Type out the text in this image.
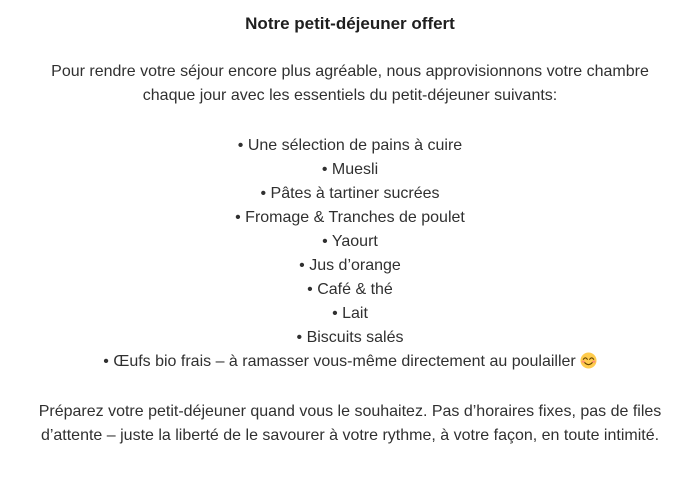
Notre petit-déjeuner offert

Pour rendre votre séjour encore plus agréable, nous approvisionnons votre chambre chaque jour avec les essentiels du petit-déjeuner suivants:

• Une sélection de pains à cuire
• Muesli
• Pâtes à tartiner sucrées
• Fromage & Tranches de poulet
• Yaourt
• Jus d’orange
• Café & thé
• Lait
• Biscuits salés
• Œufs bio frais – à ramasser vous-même directement au poulailler

Préparez votre petit-déjeuner quand vous le souhaitez. Pas d’horaires fixes, pas de files d’attente – juste la liberté de le savourer à votre rythme, à votre façon, en toute intimité.
